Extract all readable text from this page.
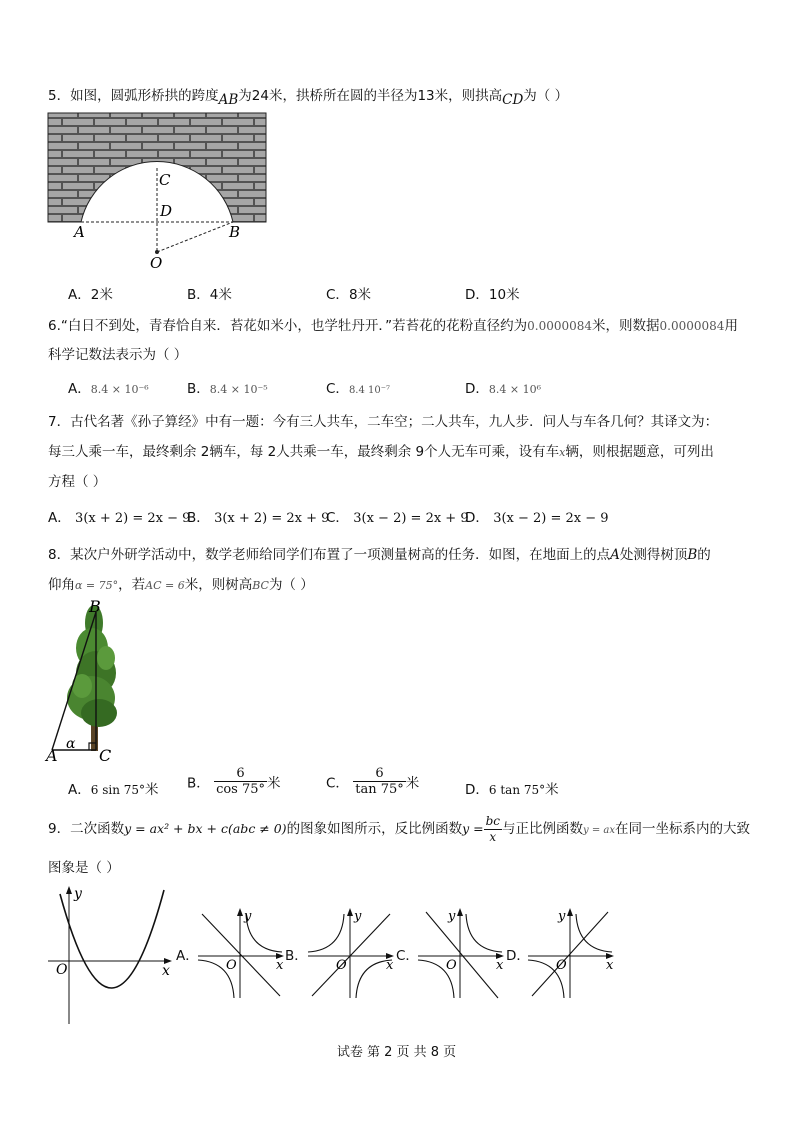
5．如图，圆弧形桥拱的跨度AB为24米，拱桥所在圆的半径为13米，则拱高CD为（ ）
A	B
C
D
O
A．2米	B．4米	C．8米	D．10米
6.“白日不到处，青春恰自来．苔花如米小，也学牡丹开．”若苔花的花粉直径约为0.0000084米，则数据0.0000084用
科学记数法表示为（ ）
A．8.4 × 10⁻⁶	B．8.4 × 10⁻⁵	C．8.4 10⁻⁷	D．8.4 × 10⁶
7．古代名著《孙子算经》中有一题：今有三人共车，二车空；二人共车，九人步．问人与车各几何？其译文为：
每三人乘一车，最终剩余 2辆车，每 2人共乘一车，最终剩余 9个人无车可乘，设有车x辆，则根据题意，可列出
方程（ ）
A． 3(x + 2) = 2x − 9
B． 3(x + 2) = 2x + 9
C． 3(x − 2) = 2x + 9
D． 3(x − 2) = 2x − 9
8．某次户外研学活动中，数学老师给同学们布置了一项测量树高的任务．如图，在地面上的点A处测得树顶B的
仰角α = 75°，若AC = 6米，则树高BC为（ ）
B
A	C
α
A．6 sin 75°米 B． $\frac{6}{\cos 75^\circ}$ 米	C． $\frac{6}{\tan 75^\circ}$ 米	D．6 tan 75°米
9．二次函数y = ax² + bx + c(abc ≠ 0)的图象如图所示，反比例函数$y = \frac{bc}{x}$ 与正比例函数y = ax在同一坐标系内的大致
图象是（ ）
y
x
O
A．
y
x
O
B．
y
x
O
C．
y
x
O
D．
y
x
O
试卷 第 2 页 共 8 页
